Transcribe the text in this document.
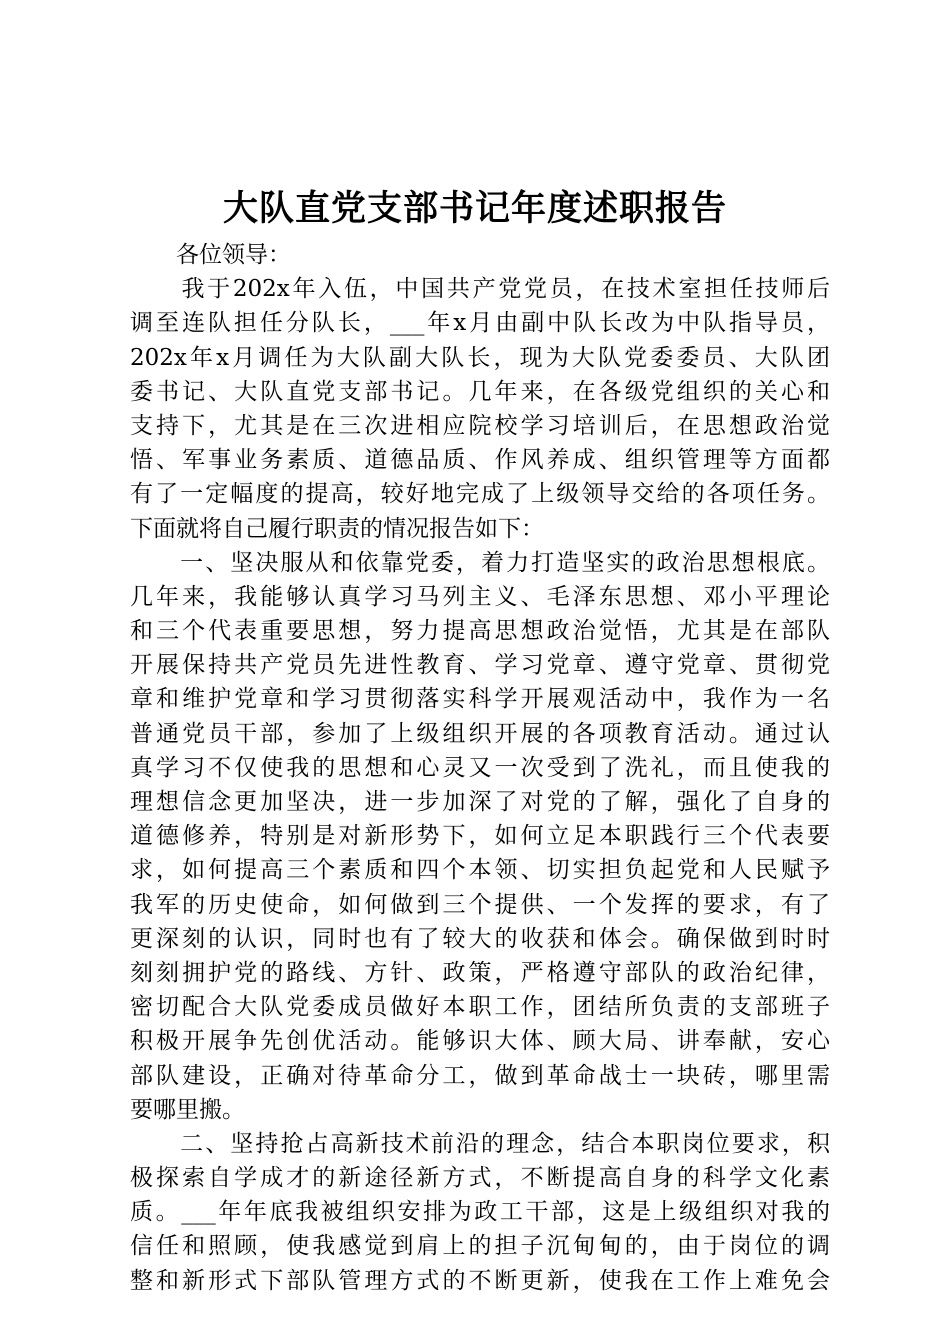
大队直党支部书记年度述职报告
　　各位领导：
　　我于202x年入伍，中国共产党党员，在技术室担任技师后
调至连队担任分队长，___年x月由副中队长改为中队指导员，
202x年x月调任为大队副大队长，现为大队党委委员、大队团
委书记、大队直党支部书记。几年来，在各级党组织的关心和
支持下，尤其是在三次进相应院校学习培训后，在思想政治觉
悟、军事业务素质、道德品质、作风养成、组织管理等方面都
有了一定幅度的提高，较好地完成了上级领导交给的各项任务。
下面就将自己履行职责的情况报告如下：
　　一、坚决服从和依靠党委，着力打造坚实的政治思想根底。
几年来，我能够认真学习马列主义、毛泽东思想、邓小平理论
和三个代表重要思想，努力提高思想政治觉悟，尤其是在部队
开展保持共产党员先进性教育、学习党章、遵守党章、贯彻党
章和维护党章和学习贯彻落实科学开展观活动中，我作为一名
普通党员干部，参加了上级组织开展的各项教育活动。通过认
真学习不仅使我的思想和心灵又一次受到了洗礼，而且使我的
理想信念更加坚决，进一步加深了对党的了解，强化了自身的
道德修养，特别是对新形势下，如何立足本职践行三个代表要
求，如何提高三个素质和四个本领、切实担负起党和人民赋予
我军的历史使命，如何做到三个提供、一个发挥的要求，有了
更深刻的认识，同时也有了较大的收获和体会。确保做到时时
刻刻拥护党的路线、方针、政策，严格遵守部队的政治纪律，
密切配合大队党委成员做好本职工作，团结所负责的支部班子
积极开展争先创优活动。能够识大体、顾大局、讲奉献，安心
部队建设，正确对待革命分工，做到革命战士一块砖，哪里需
要哪里搬。
　　二、坚持抢占高新技术前沿的理念，结合本职岗位要求，积
极探索自学成才的新途径新方式，不断提高自身的科学文化素
质。___年年底我被组织安排为政工干部，这是上级组织对我的
信任和照顾，使我感觉到肩上的担子沉甸甸的，由于岗位的调
整和新形式下部队管理方式的不断更新，使我在工作上难免会
